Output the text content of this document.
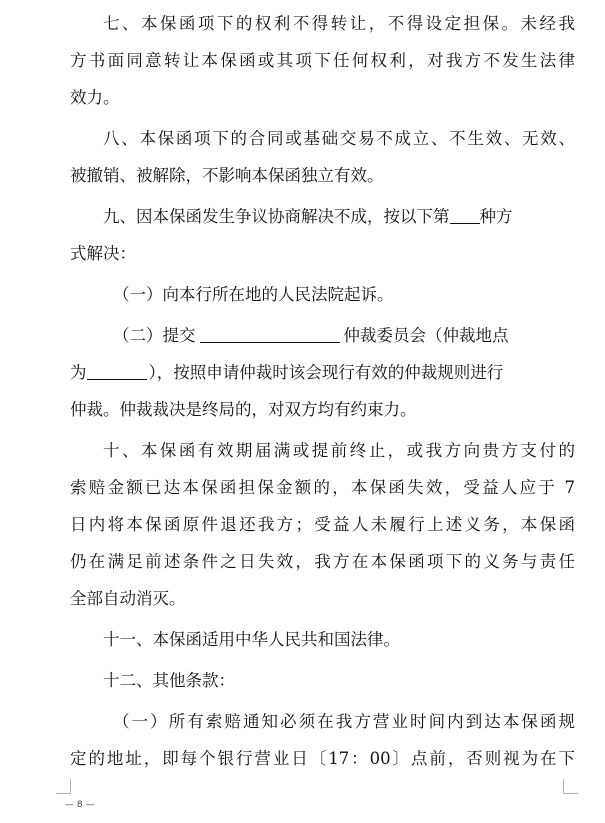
七、本保函项下的权利不得转让，不得设定担保。未经我
方书面同意转让本保函或其项下任何权利，对我方不发生法律
效力。
八、本保函项下的合同或基础交易不成立、不生效、无效、
被撤销、被解除，不影响本保函独立有效。
九、因本保函发生争议协商解决不成，按以下第 种方
式解决：
（一）向本行所在地的人民法院起诉。
（二）提交	仲裁委员会（仲裁地点
为	），按照申请仲裁时该会现行有效的仲裁规则进行
仲裁。仲裁裁决是终局的，对双方均有约束力。
十、本保函有效期届满或提前终止，或我方向贵方支付的
索赔金额已达本保函担保金额的，本保函失效，受益人应于 7
日内将本保函原件退还我方；受益人未履行上述义务，本保函
仍在满足前述条件之日失效，我方在本保函项下的义务与责任
全部自动消灭。
十一、本保函适用中华人民共和国法律。
十二、其他条款：
（一）所有索赔通知必须在我方营业时间内到达本保函规
定的地址，即每个银行营业日〔17：00〕点前，否则视为在下
— 8 —
